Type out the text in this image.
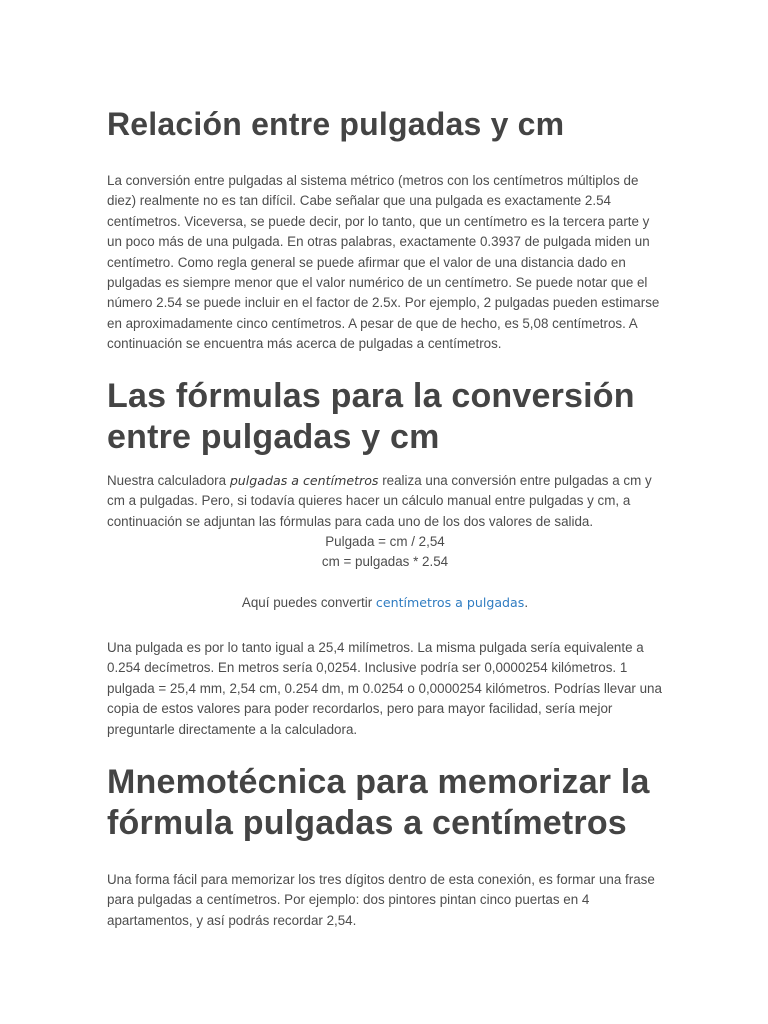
Relación entre pulgadas y cm

La conversión entre pulgadas al sistema métrico (metros con los centímetros múltiplos de diez) realmente no es tan difícil. Cabe señalar que una pulgada es exactamente 2.54 centímetros. Viceversa, se puede decir, por lo tanto, que un centímetro es la tercera parte y un poco más de una pulgada. En otras palabras, exactamente 0.3937 de pulgada miden un centímetro. Como regla general se puede afirmar que el valor de una distancia dado en pulgadas es siempre menor que el valor numérico de un centímetro. Se puede notar que el número 2.54 se puede incluir en el factor de 2.5x. Por ejemplo, 2 pulgadas pueden estimarse en aproximadamente cinco centímetros. A pesar de que de hecho, es 5,08 centímetros. A continuación se encuentra más acerca de pulgadas a centímetros.

Las fórmulas para la conversión entre pulgadas y cm

Nuestra calculadora pulgadas a centímetros realiza una conversión entre pulgadas a cm y cm a pulgadas. Pero, si todavía quieres hacer un cálculo manual entre pulgadas y cm, a continuación se adjuntan las fórmulas para cada uno de los dos valores de salida.

Pulgada = cm / 2,54
cm = pulgadas * 2.54
Aquí puedes convertir centímetros a pulgadas.

Una pulgada es por lo tanto igual a 25,4 milímetros. La misma pulgada sería equivalente a 0.254 decímetros. En metros sería 0,0254. Inclusive podría ser 0,0000254 kilómetros. 1 pulgada = 25,4 mm, 2,54 cm, 0.254 dm, m 0.0254 o 0,0000254 kilómetros. Podrías llevar una copia de estos valores para poder recordarlos, pero para mayor facilidad, sería mejor preguntarle directamente a la calculadora.

Mnemotécnica para memorizar la fórmula pulgadas a centímetros

Una forma fácil para memorizar los tres dígitos dentro de esta conexión, es formar una frase para pulgadas a centímetros. Por ejemplo: dos pintores pintan cinco puertas en 4 apartamentos, y así podrás recordar 2,54.
